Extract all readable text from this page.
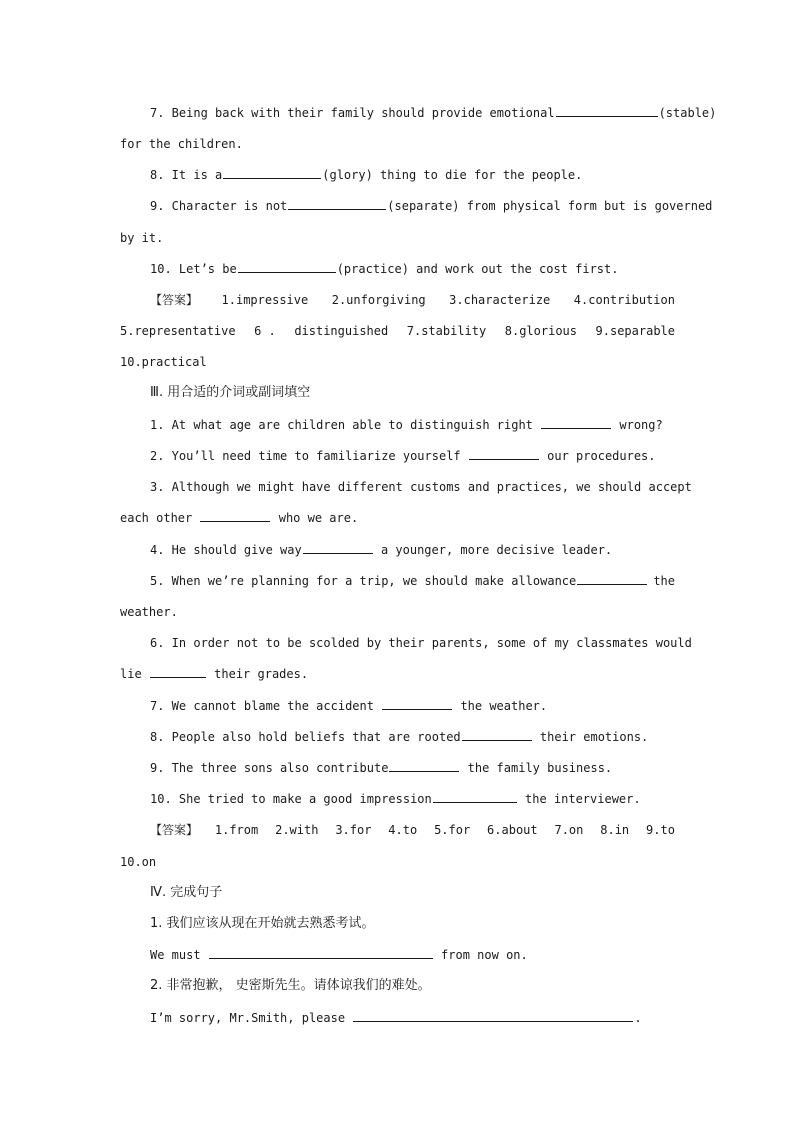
7. Being back with their family should provide emotional	(stable)
for the children.
8. It is a	(glory) thing to die for the people.
9. Character is not	(separate) from physical form but is governed
by it.
10. Let’s be	(practice) and work out the cost first.
【答案】 1.impressive 2.unforgiving 3.characterize 4.contribution
5.representative 6 . distinguished 7.stability 8.glorious 9.separable
10.practical
Ⅲ. 用合适的介词或副词填空
1. At what age are children able to distinguish right	wrong?
2. You’ll need time to familiarize yourself	our procedures.
3. Although we might have different customs and practices, we should accept
each other	who we are.
4. He should give way	a younger, more decisive leader.
5. When we’re planning for a trip, we should make allowance	the
weather.
6. In order not to be scolded by their parents, some of my classmates would
lie	their grades.
7. We cannot blame the accident	the weather.
8. People also hold beliefs that are rooted	their emotions.
9. The three sons also contribute	the family business.
10. She tried to make a good impression	the interviewer.
【答案】 1.from 2.with 3.for 4.to 5.for 6.about 7.on 8.in 9.to
10.on
Ⅳ. 完成句子
1. 我们应该从现在开始就去熟悉考试。
We must	from now on.
2. 非常抱歉， 史密斯先生。请体谅我们的难处。
I’m sorry, Mr.Smith, please	.
